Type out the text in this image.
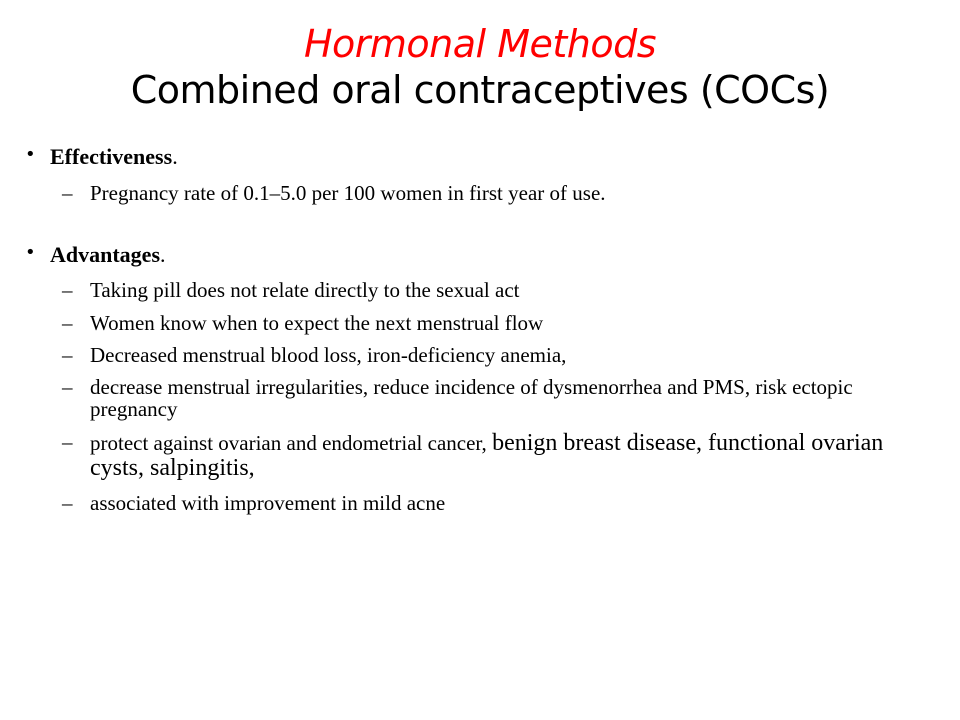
Hormonal Methods
Combined oral contraceptives (COCs)
• Effectiveness.
– Pregnancy rate of 0.1–5.0 per 100 women in first year of use.
• Advantages.
– Taking pill does not relate directly to the sexual act
– Women know when to expect the next menstrual flow
– Decreased menstrual blood loss, iron-deficiency anemia,
– decrease menstrual irregularities, reduce incidence of dysmenorrhea and PMS, risk ectopic pregnancy
– protect against ovarian and endometrial cancer, benign breast disease, functional ovarian cysts, salpingitis,
– associated with improvement in mild acne
